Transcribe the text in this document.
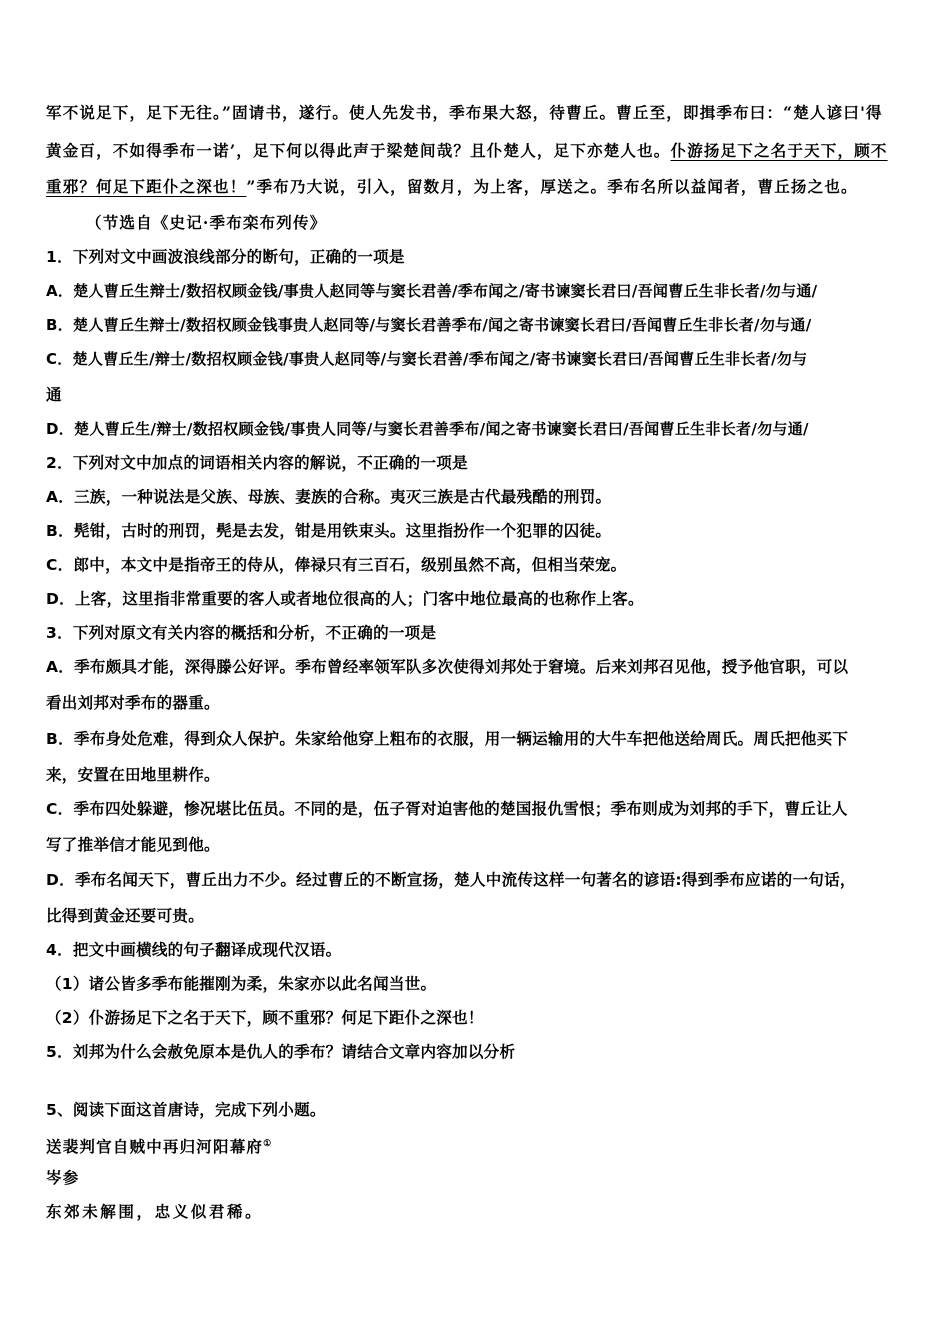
军不说足下，足下无往。”固请书，遂行。使人先发书，季布果大怒，待曹丘。曹丘至，即揖季布曰：“楚人谚曰'得
黄金百，不如得季布一诺’，足下何以得此声于梁楚间哉？且仆楚人，足下亦楚人也。仆游扬足下之名于天下，顾不
重邪？何足下距仆之深也！”季布乃大说，引入，留数月，为上客，厚送之。季布名所以益闻者，曹丘扬之也。
（节选自《史记·季布栾布列传》
1．下列对文中画波浪线部分的断句，正确的一项是
A．楚人曹丘生辩士/数招权顾金钱/事贵人赵同等与窦长君善/季布闻之/寄书谏窦长君曰/吾闻曹丘生非长者/勿与通/
B．楚人曹丘生辩士/数招权顾金钱事贵人赵同等/与窦长君善季布/闻之寄书谏窦长君曰/吾闻曹丘生非长者/勿与通/
C．楚人曹丘生/辩士/数招权顾金钱/事贵人赵同等/与窦长君善/季布闻之/寄书谏窦长君曰/吾闻曹丘生非长者/勿与
通
D．楚人曹丘生/辩士/数招权顾金钱/事贵人同等/与窦长君善季布/闻之寄书谏窦长君曰/吾闻曹丘生非长者/勿与通/
2．下列对文中加点的词语相关内容的解说，不正确的一项是
A．三族，一种说法是父族、母族、妻族的合称。夷灭三族是古代最残酷的刑罚。
B．髡钳，古时的刑罚，髡是去发，钳是用铁束头。这里指扮作一个犯罪的囚徒。
C．郎中，本文中是指帝王的侍从，俸禄只有三百石，级别虽然不高，但相当荣宠。
D．上客，这里指非常重要的客人或者地位很高的人；门客中地位最高的也称作上客。
3．下列对原文有关内容的概括和分析，不正确的一项是
A．季布颇具才能，深得滕公好评。季布曾经率领军队多次使得刘邦处于窘境。后来刘邦召见他，授予他官职，可以
看出刘邦对季布的器重。
B．季布身处危难，得到众人保护。朱家给他穿上粗布的衣服，用一辆运输用的大牛车把他送给周氏。周氏把他买下
来，安置在田地里耕作。
C．季布四处躲避，惨况堪比伍员。不同的是，伍子胥对迫害他的楚国报仇雪恨；季布则成为刘邦的手下，曹丘让人
写了推举信才能见到他。
D．季布名闻天下，曹丘出力不少。经过曹丘的不断宣扬，楚人中流传这样一句著名的谚语:得到季布应诺的一句话，
比得到黄金还要可贵。
4．把文中画横线的句子翻译成现代汉语。
（1）诸公皆多季布能摧刚为柔，朱家亦以此名闻当世。
（2）仆游扬足下之名于天下，顾不重邪？何足下距仆之深也！
5．刘邦为什么会赦免原本是仇人的季布？请结合文章内容加以分析
5、阅读下面这首唐诗，完成下列小题。
送裴判官自贼中再归河阳幕府①
岑参
东郊未解围，忠义似君稀。
